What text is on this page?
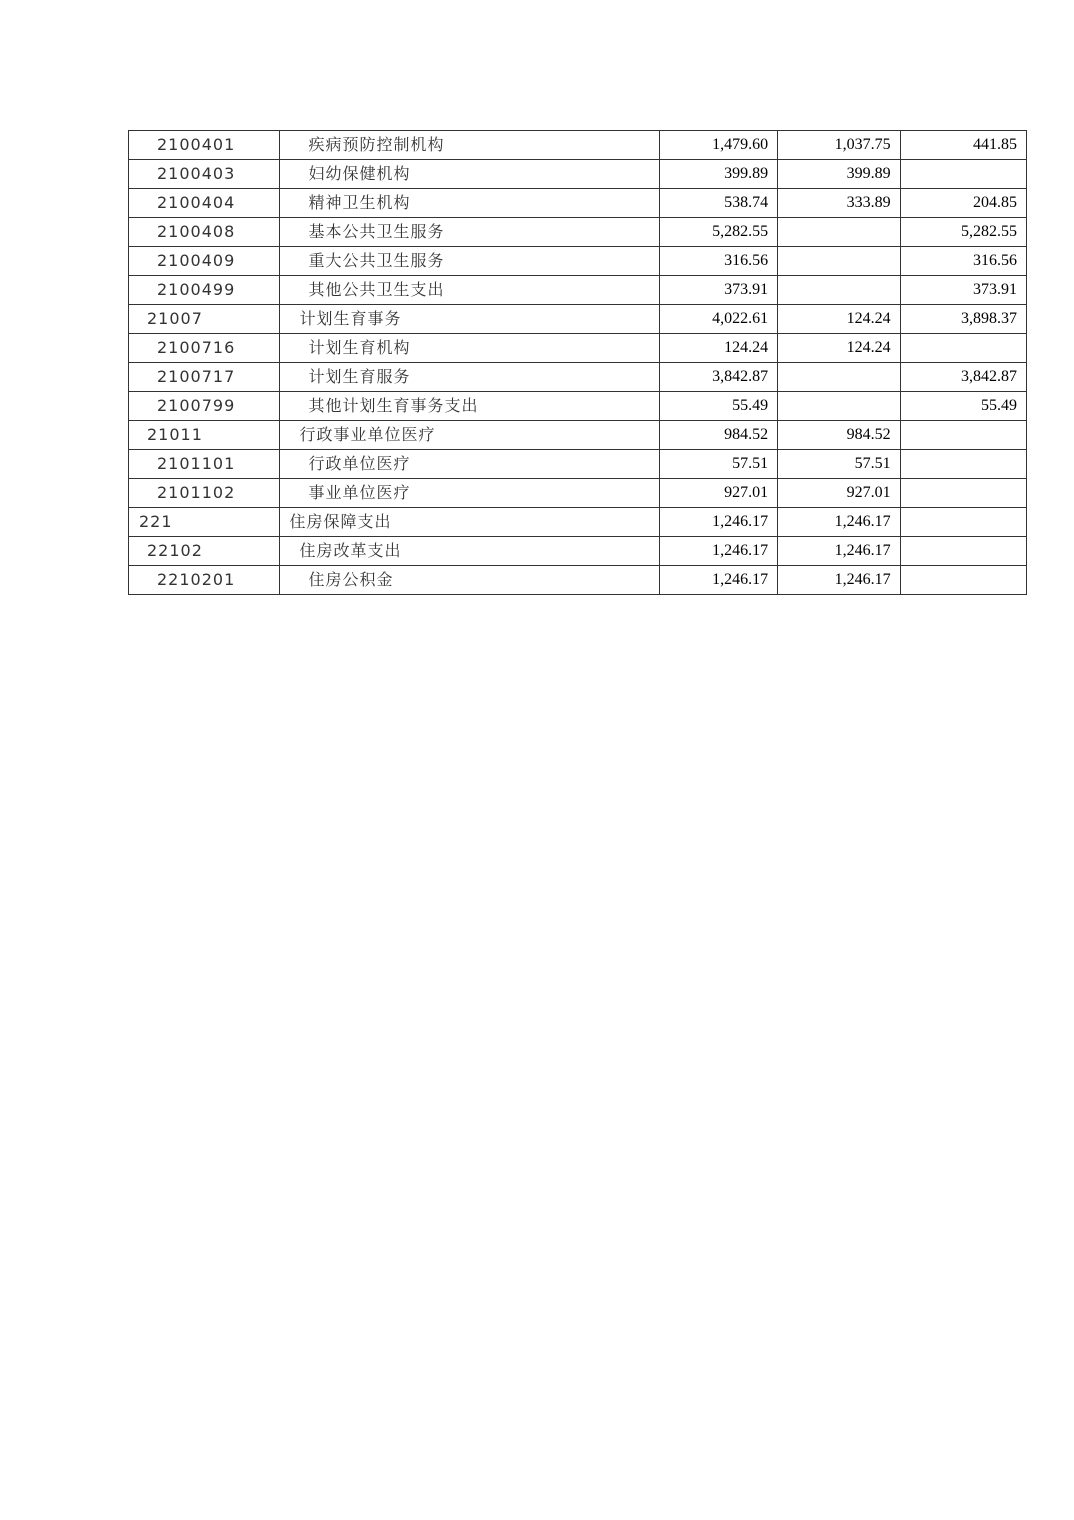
2100401	疾病预防控制机构	1,479.60	1,037.75	441.85
2100403	妇幼保健机构	399.89	399.89	
2100404	精神卫生机构	538.74	333.89	204.85
2100408	基本公共卫生服务	5,282.55		5,282.55
2100409	重大公共卫生服务	316.56		316.56
2100499	其他公共卫生支出	373.91		373.91
21007	计划生育事务	4,022.61	124.24	3,898.37
2100716	计划生育机构	124.24	124.24	
2100717	计划生育服务	3,842.87		3,842.87
2100799	其他计划生育事务支出	55.49		55.49
21011	行政事业单位医疗	984.52	984.52	
2101101	行政单位医疗	57.51	57.51	
2101102	事业单位医疗	927.01	927.01	
221	住房保障支出	1,246.17	1,246.17	
22102	住房改革支出	1,246.17	1,246.17	
2210201	住房公积金	1,246.17	1,246.17	
